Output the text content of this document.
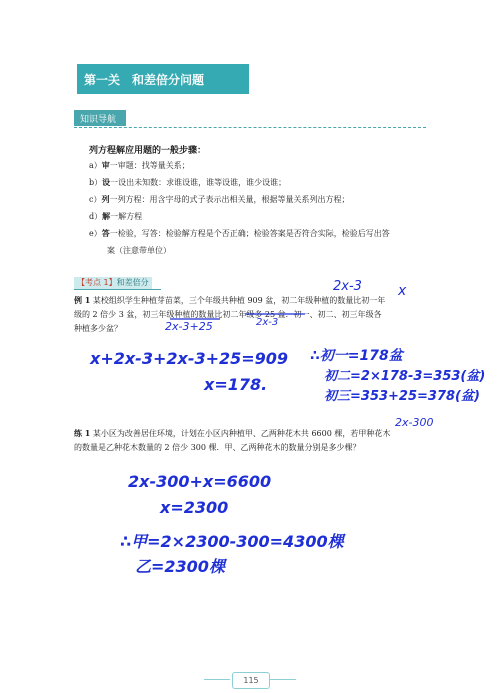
第一关　和差倍分问题
知识导航
列方程解应用题的一般步骤：
a）审一审题：找等量关系；
b）设一设出未知数：求谁设谁，谁等设谁，谁少设谁；
c）列一列方程：用含字母的式子表示出相关量，根据等量关系列出方程；
d）解一解方程
e）答一检验，写答：检验解方程是个否正确；检验答案是否符合实际，检验后写出答
案（注意带单位）
【考点 1】和差倍分
例 1 某校组织学生种植芽苗菜，三个年级共种植 909 盆，初二年级种植的数量比初一年
级的 2 倍少 3 盆，初三年级种植的数量比初二年级多 25 盆．初一、初二、初三年级各
种植多少盆？
练 1 某小区为改善居住环境，计划在小区内种植甲、乙两种花木共 6600 棵，若甲种花木
的数量是乙种花木数量的 2 倍少 300 棵．甲、乙两种花木的数量分别是多少棵？
2x-3	x
2x-3+25	2x-3
x+2x-3+2x-3+25=909
x=178.
∴初一=178盆
初二=2×178-3=353(盆)
初三=353+25=378(盆)
2x-300
2x-300+x=6600
x=2300
∴甲=2×2300-300=4300棵
乙=2300棵
115
